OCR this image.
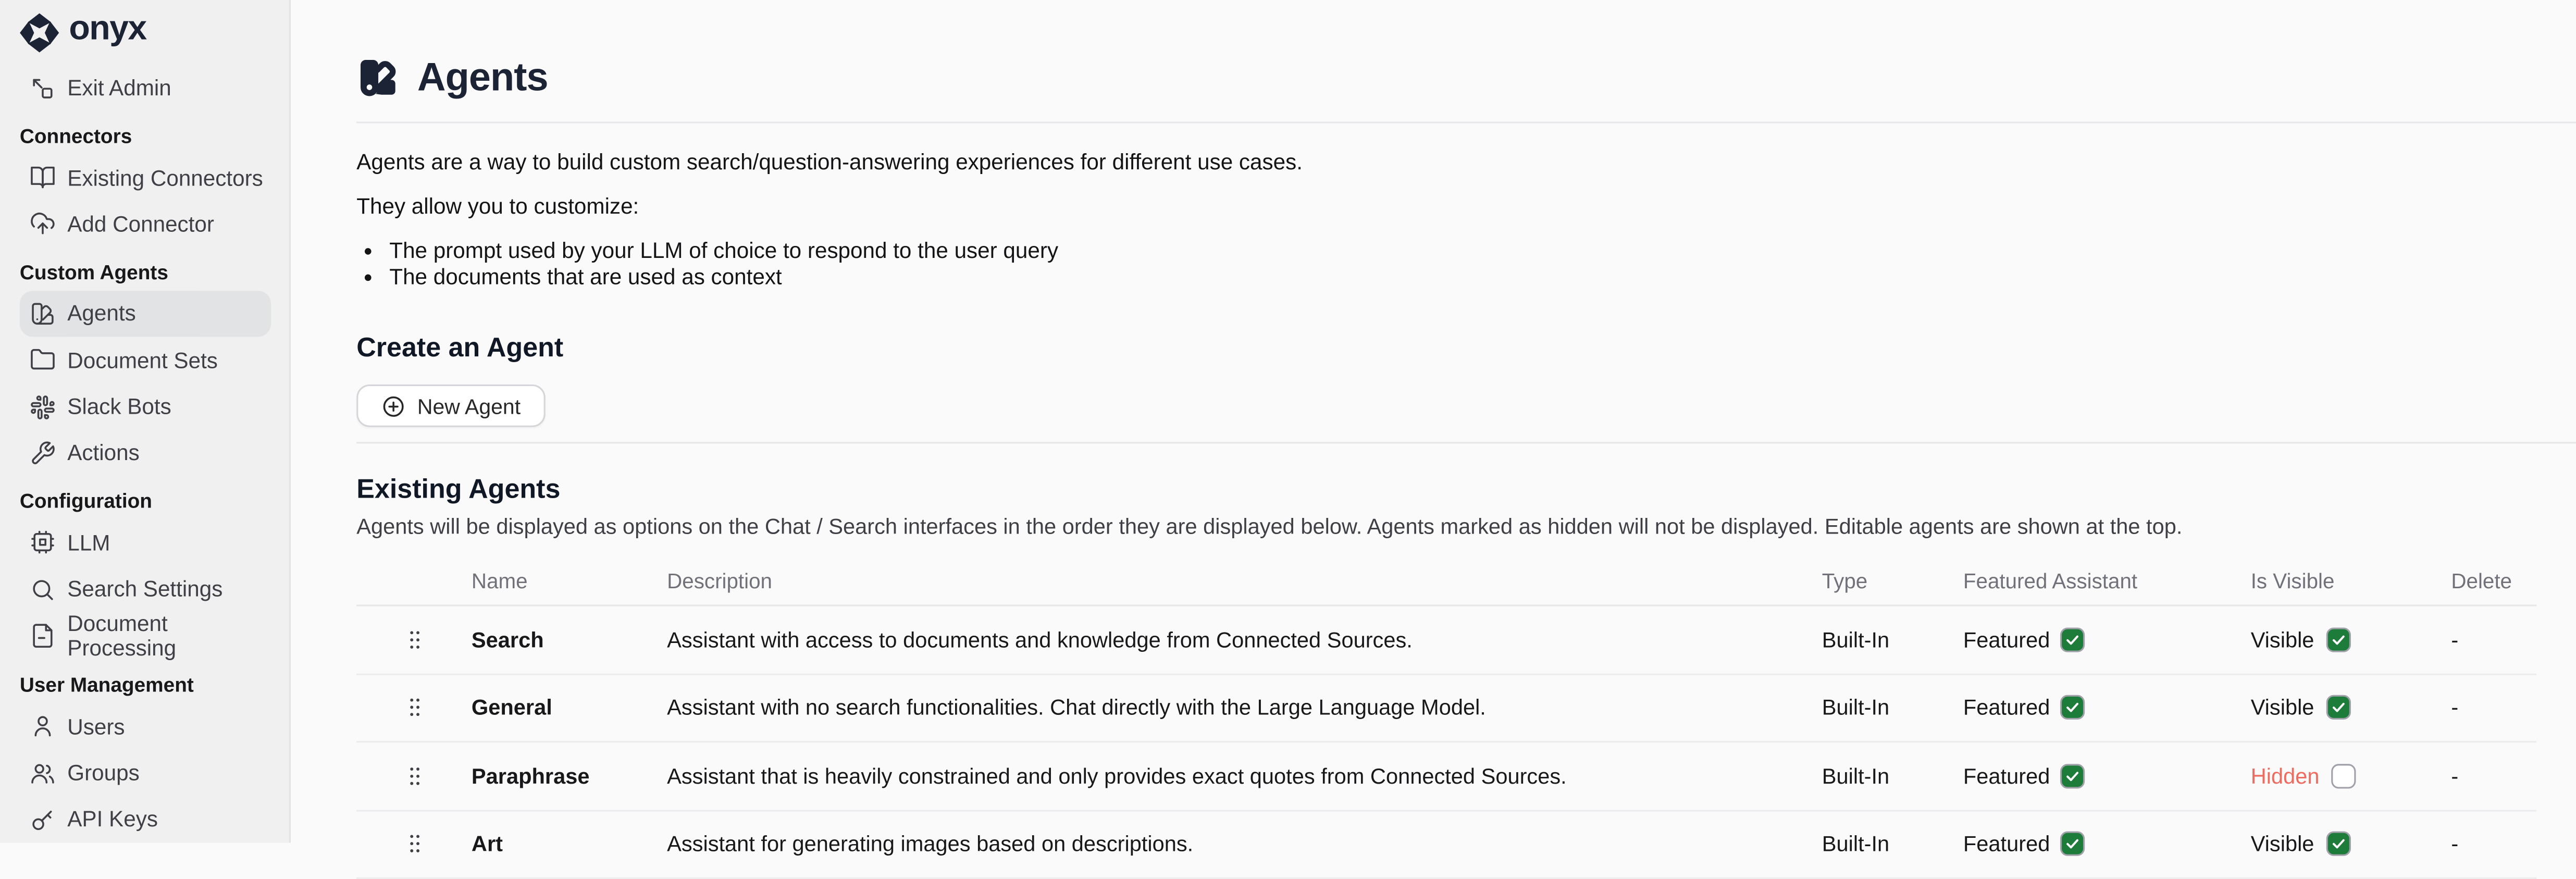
onyx
Exit Admin
Connectors
Existing Connectors
Add Connector
Custom Agents
Agents
Document Sets
Slack Bots
Actions
Configuration
LLM
Search Settings
Document Processing
User Management
Users
Groups
API Keys
Agents

Agents are a way to build custom search/question-answering experiences for different use cases.

They allow you to customize:

• The prompt used by your LLM of choice to respond to the user query
• The documents that are used as context
Create an Agent
New Agent
Existing Agents
Agents will be displayed as options on the Chat / Search interfaces in the order they are displayed below. Agents marked as hidden will not be displayed. Editable agents are shown at the top.
Name	Description	Type	Featured Assistant	Is Visible	Delete
Search	Assistant with access to documents and knowledge from Connected Sources.	Built-In	Featured	Visible	-
General	Assistant with no search functionalities. Chat directly with the Large Language Model.	Built-In	Featured	Visible	-
Paraphrase	Assistant that is heavily constrained and only provides exact quotes from Connected Sources.	Built-In	Featured	Hidden	-
Art	Assistant for generating images based on descriptions.	Built-In	Featured	Visible	-
